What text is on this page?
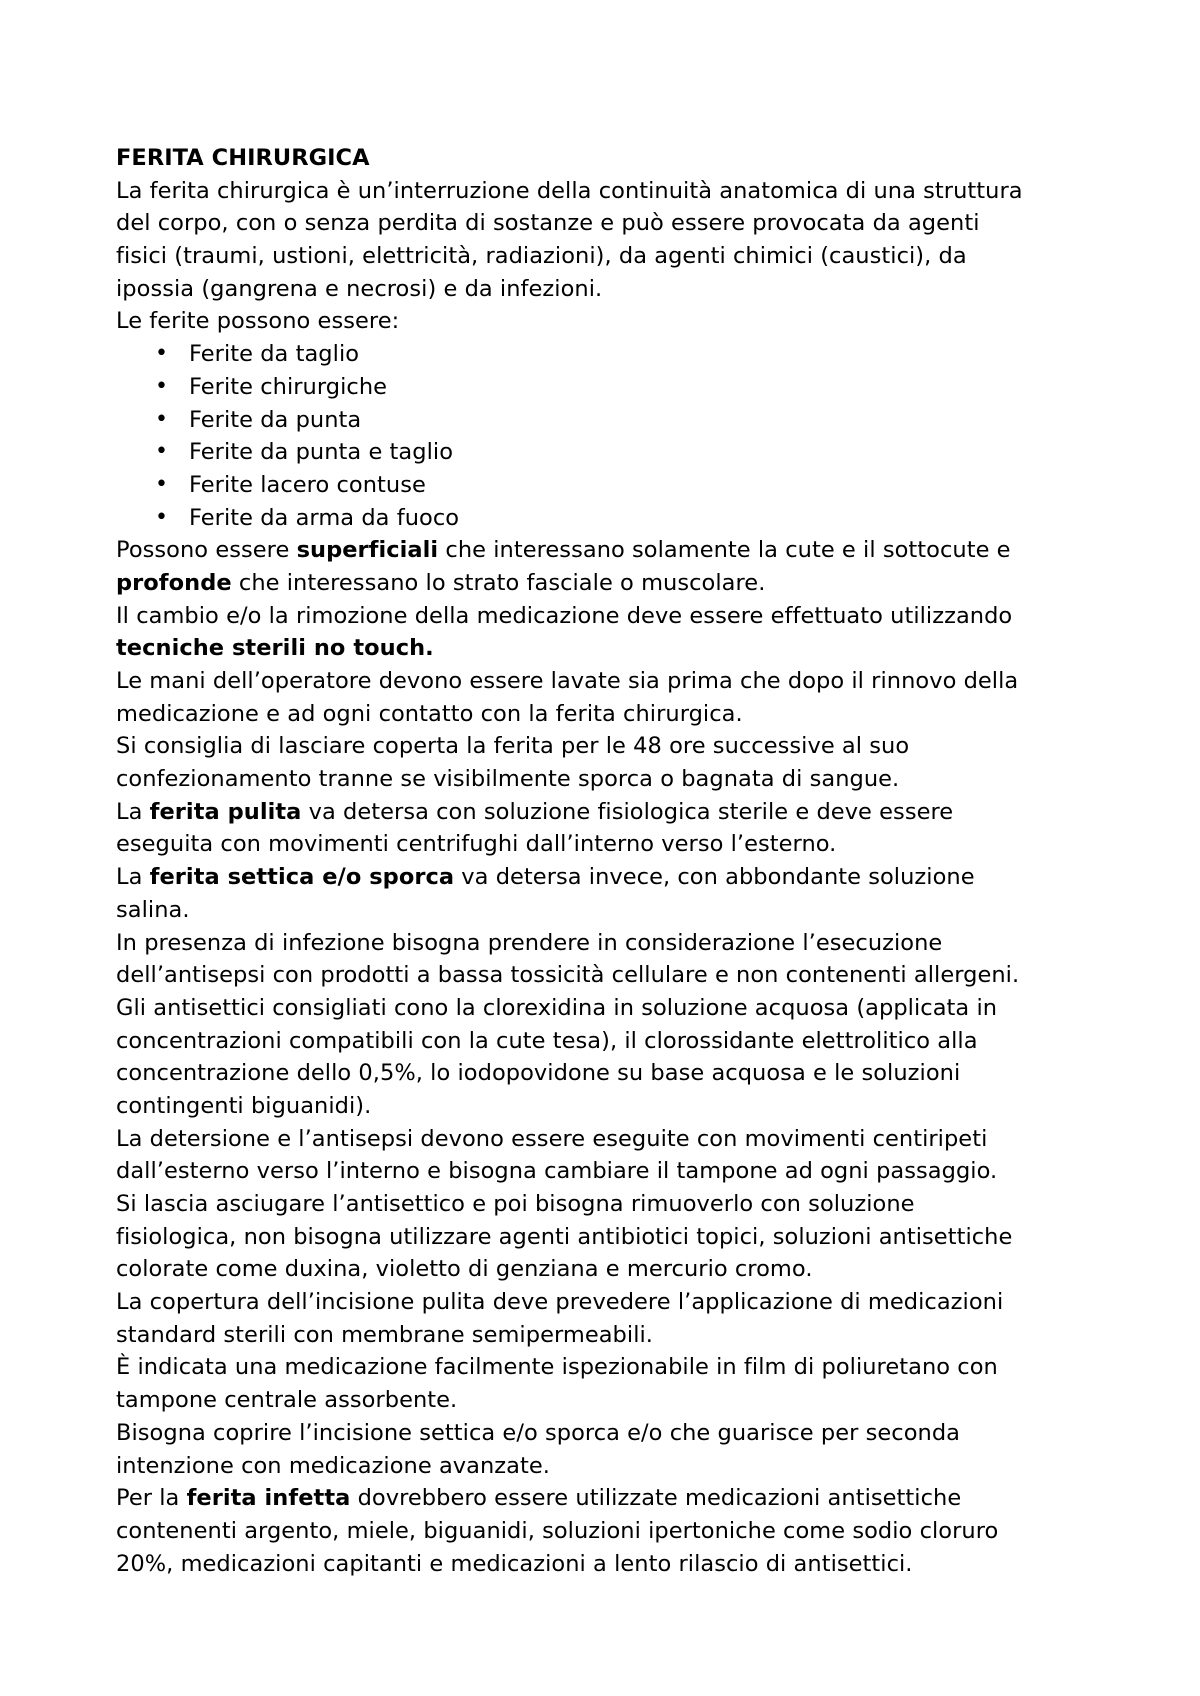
FERITA CHIRURGICA
La ferita chirurgica è un’interruzione della continuità anatomica di una struttura
del corpo, con o senza perdita di sostanze e può essere provocata da agenti
fisici (traumi, ustioni, elettricità, radiazioni), da agenti chimici (caustici), da
ipossia (gangrena e necrosi) e da infezioni.
Le ferite possono essere:
• Ferite da taglio
• Ferite chirurgiche
• Ferite da punta
• Ferite da punta e taglio
• Ferite lacero contuse
• Ferite da arma da fuoco
Possono essere superficiali che interessano solamente la cute e il sottocute e
profonde che interessano lo strato fasciale o muscolare.
Il cambio e/o la rimozione della medicazione deve essere effettuato utilizzando
tecniche sterili no touch.
Le mani dell’operatore devono essere lavate sia prima che dopo il rinnovo della
medicazione e ad ogni contatto con la ferita chirurgica.
Si consiglia di lasciare coperta la ferita per le 48 ore successive al suo
confezionamento tranne se visibilmente sporca o bagnata di sangue.
La ferita pulita va detersa con soluzione fisiologica sterile e deve essere
eseguita con movimenti centrifughi dall’interno verso l’esterno.
La ferita settica e/o sporca va detersa invece, con abbondante soluzione
salina.
In presenza di infezione bisogna prendere in considerazione l’esecuzione
dell’antisepsi con prodotti a bassa tossicità cellulare e non contenenti allergeni.
Gli antisettici consigliati cono la clorexidina in soluzione acquosa (applicata in
concentrazioni compatibili con la cute tesa), il clorossidante elettrolitico alla
concentrazione dello 0,5%, lo iodopovidone su base acquosa e le soluzioni
contingenti biguanidi).
La detersione e l’antisepsi devono essere eseguite con movimenti centiripeti
dall’esterno verso l’interno e bisogna cambiare il tampone ad ogni passaggio.
Si lascia asciugare l’antisettico e poi bisogna rimuoverlo con soluzione
fisiologica, non bisogna utilizzare agenti antibiotici topici, soluzioni antisettiche
colorate come duxina, violetto di genziana e mercurio cromo.
La copertura dell’incisione pulita deve prevedere l’applicazione di medicazioni
standard sterili con membrane semipermeabili.
È indicata una medicazione facilmente ispezionabile in film di poliuretano con
tampone centrale assorbente.
Bisogna coprire l’incisione settica e/o sporca e/o che guarisce per seconda
intenzione con medicazione avanzate.
Per la ferita infetta dovrebbero essere utilizzate medicazioni antisettiche
contenenti argento, miele, biguanidi, soluzioni ipertoniche come sodio cloruro
20%, medicazioni capitanti e medicazioni a lento rilascio di antisettici.
